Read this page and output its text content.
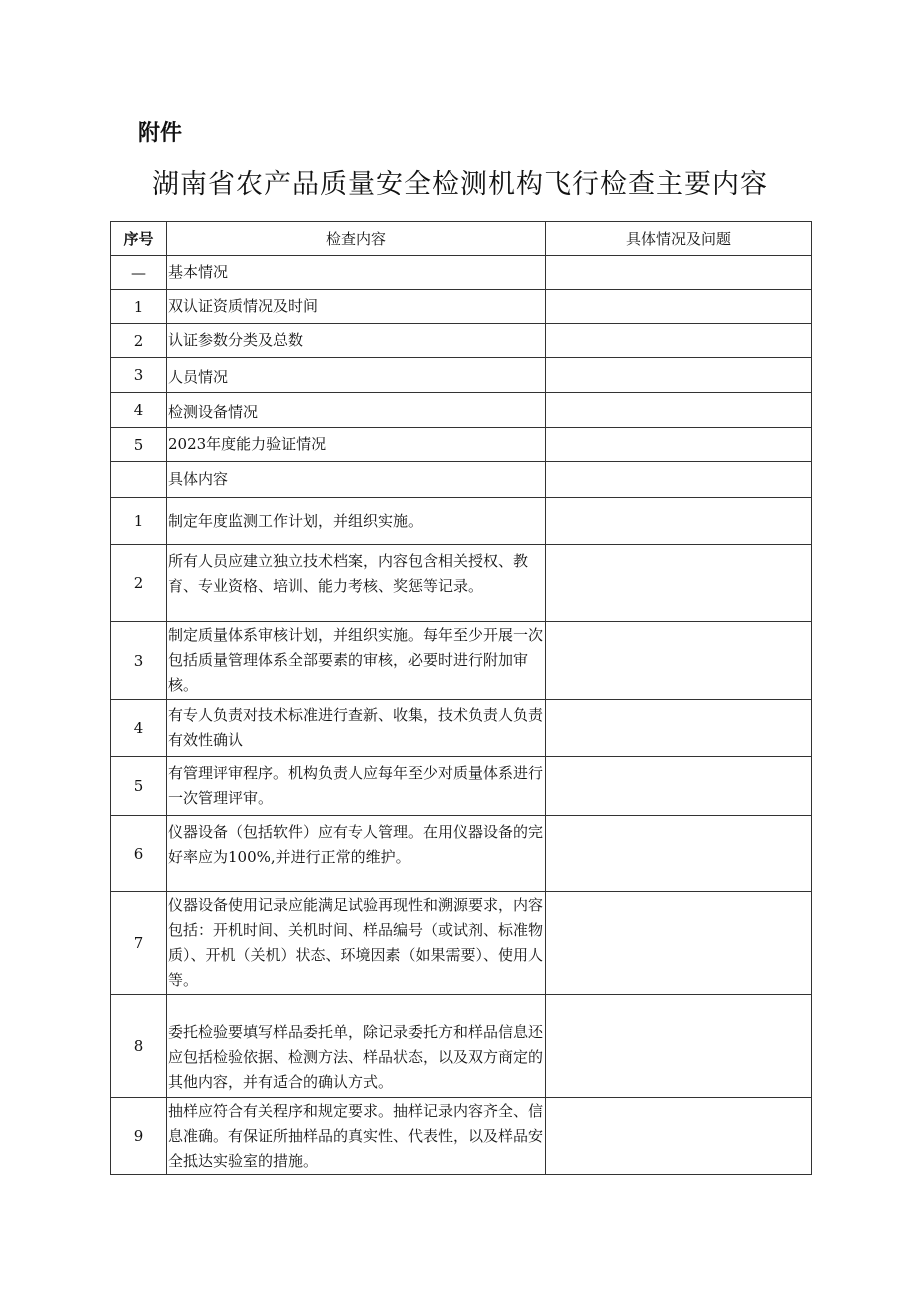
附件
湖南省农产品质量安全检测机构飞行检查主要内容
序号	检查内容	具体情况及问题
—	基本情况	
1	双认证资质情况及时间	
2	认证参数分类及总数	
3	人员情况	
4	检测设备情况	
5	2023年度能力验证情况	
	具体内容	
1	制定年度监测工作计划，并组织实施。	
2	所有人员应建立独立技术档案，内容包含相关授权、教育、专业资格、培训、能力考核、奖惩等记录。	
3	制定质量体系审核计划，并组织实施。每年至少开展一次包括质量管理体系全部要素的审核，必要时进行附加审核。	
4	有专人负责对技术标准进行查新、收集，技术负责人负责有效性确认	
5	有管理评审程序。机构负责人应每年至少对质量体系进行一次管理评审。	
6	仪器设备（包括软件）应有专人管理。在用仪器设备的完好率应为100%,并进行正常的维护。	
7	仪器设备使用记录应能满足试验再现性和溯源要求，内容包括：开机时间、关机时间、样品编号（或试剂、标准物质）、开机（关机）状态、环境因素（如果需要）、使用人等。	
8	委托检验要填写样品委托单，除记录委托方和样品信息还应包括检验依据、检测方法、样品状态，以及双方商定的其他内容，并有适合的确认方式。	
9	抽样应符合有关程序和规定要求。抽样记录内容齐全、信息准确。有保证所抽样品的真实性、代表性，以及样品安全抵达实验室的措施。	
